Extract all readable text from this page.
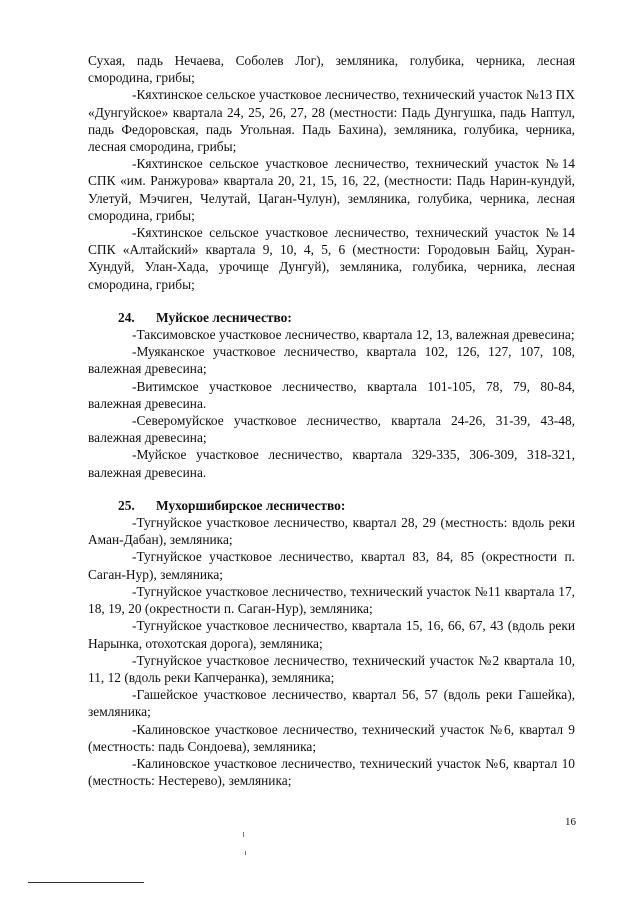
Сухая, падь Нечаева, Соболев Лог), земляника, голубика, черника, лесная смородина, грибы;

-Кяхтинское сельское участковое лесничество, технический участок №13 ПХ «Дунгуйское» квартала 24, 25, 26, 27, 28 (местности: Падь Дунгушка, падь Наптул, падь Федоровская, падь Угольная. Падь Бахина), земляника, голубика, черника, лесная смородина, грибы;

-Кяхтинское сельское участковое лесничество, технический участок №14 СПК «им. Ранжурова» квартала 20, 21, 15, 16, 22, (местности: Падь Нарин-кундуй, Улетуй, Мэчиген, Челутай, Цаган-Чулун), земляника, голубика, черника, лесная смородина, грибы;

-Кяхтинское сельское участковое лесничество, технический участок №14 СПК «Алтайский» квартала 9, 10, 4, 5, 6 (местности: Городовын Байц, Хуран-Хундуй, Улан-Хада, урочище Дунгуй), земляника, голубика, черника, лесная смородина, грибы;

24. Муйское лесничество:

-Таксимовское участковое лесничество, квартала 12, 13, валежная древесина;

-Муяканское участковое лесничество, квартала 102, 126, 127, 107, 108, валежная древесина;

-Витимское участковое лесничество, квартала 101-105, 78, 79, 80-84, валежная древесина.

-Северомуйское участковое лесничество, квартала 24-26, 31-39, 43-48, валежная древесина;

-Муйское участковое лесничество, квартала 329-335, 306-309, 318-321, валежная древесина.

25. Мухоршибирское лесничество:

-Тугнуйское участковое лесничество, квартал 28, 29 (местность: вдоль реки Аман-Дабан), земляника;

-Тугнуйское участковое лесничество, квартал 83, 84, 85 (окрестности п. Саган-Нур), земляника;

-Тугнуйское участковое лесничество, технический участок №11 квартала 17, 18, 19, 20 (окрестности п. Саган-Нур), земляника;

-Тугнуйское участковое лесничество, квартала 15, 16, 66, 67, 43 (вдоль реки Нарынка, отохотская дорога), земляника;

-Тугнуйское участковое лесничество, технический участок №2 квартала 10, 11, 12 (вдоль реки Капчеранка), земляника;

-Гашейское участковое лесничество, квартал 56, 57 (вдоль реки Гашейка), земляника;

-Калиновское участковое лесничество, технический участок №6, квартал 9 (местность: падь Сондоева), земляника;

-Калиновское участковое лесничество, технический участок №6, квартал 10 (местность: Нестерево), земляника;

16
